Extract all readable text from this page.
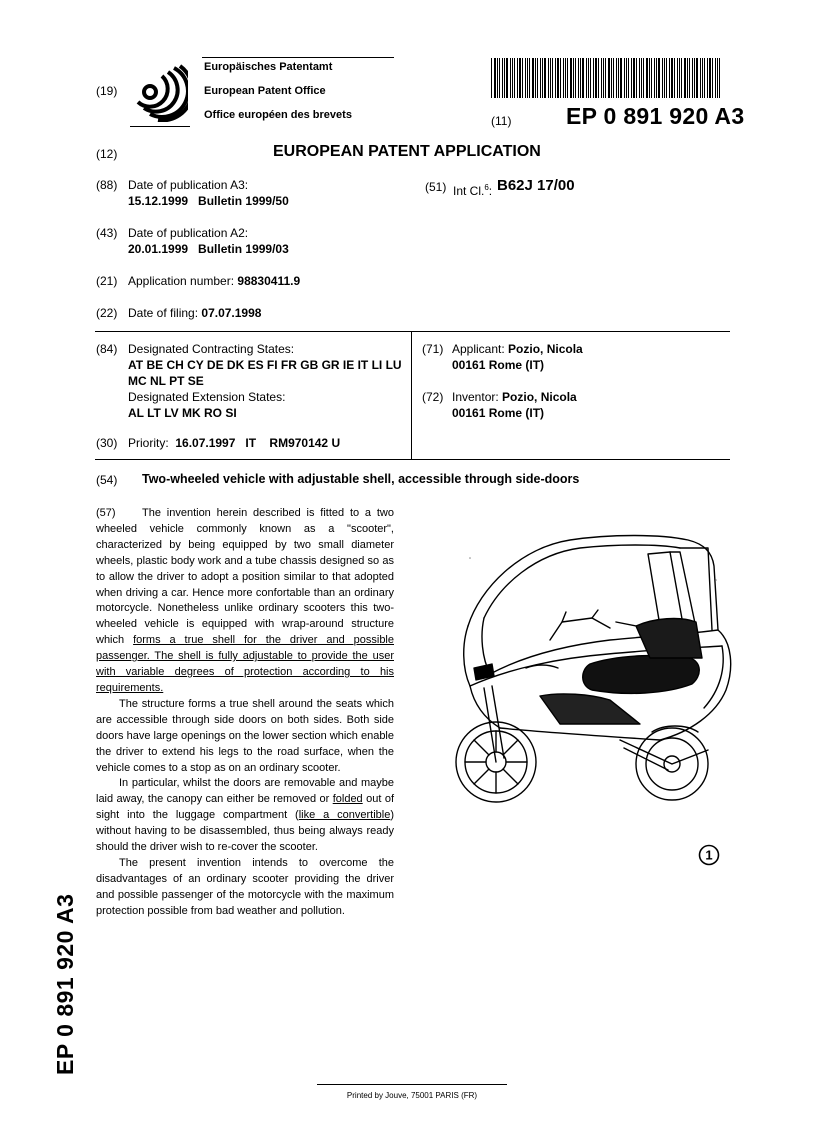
(19)
Europäisches Patentamt
European Patent Office
Office européen des brevets	(11) EP 0 891 920 A3
(12)	EUROPEAN PATENT APPLICATION
(88) Date of publication A3:
15.12.1999   Bulletin 1999/50
(51) Int Cl.$^6$: B62J 17/00
(43) Date of publication A2:
20.01.1999   Bulletin 1999/03
(21) Application number: 98830411.9
(22) Date of filing: 07.07.1998
(84) Designated Contracting States:
AT BE CH CY DE DK ES FI FR GB GR IE IT LI LU
MC NL PT SE
Designated Extension States:
AL LT LV MK RO SI
(71) Applicant: Pozio, Nicola
00161 Rome (IT)
(72) Inventor: Pozio, Nicola
00161 Rome (IT)
(30) Priority: 16.07.1997   IT    RM970142 U
(54) Two-wheeled vehicle with adjustable shell, accessible through side-doors

(57) The invention herein described is fitted to a two wheeled vehicle commonly known as a "scooter", characterized by being equipped by two small diameter wheels, plastic body work and a tube chassis designed so as to allow the driver to adopt a position similar to that adopted when driving a car. Hence more confortable than an ordinary motorcycle. Nonetheless unlike ordinary scooters this two-wheeled vehicle is equipped with wrap-around structure which forms a true shell for the driver and possible passenger. The shell is fully adjustable to provide the user with variable degrees of protection according to his requirements.

The structure forms a true shell around the seats which are accessible through side doors on both sides. Both side doors have large openings on the lower section which enable the driver to extend his legs to the road surface, when the vehicle comes to a stop as on an ordinary scooter.

In particular, whilst the doors are removable and maybe laid away, the canopy can either be removed or folded out of sight into the luggage compartment (like a convertible) without having to be disassembled, thus being always ready should the driver wish to re-cover the scooter.

The present invention intends to overcome the disadvantages of an ordinary scooter providing the driver and possible passenger of the motorcycle with the maximum protection possible from bad weather and pollution.

1
EP 0 891 920 A3
Printed by Jouve, 75001 PARIS (FR)
